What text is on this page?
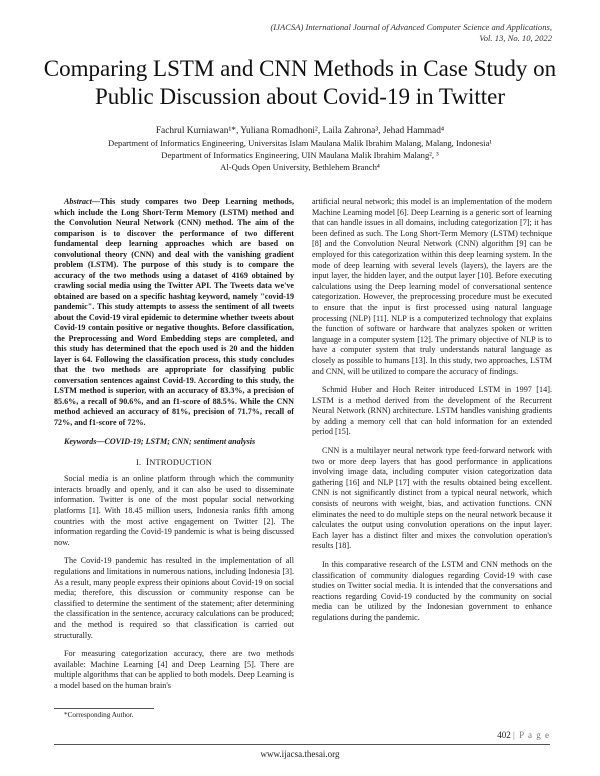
(IJACSA) International Journal of Advanced Computer Science and Applications,
Vol. 13, No. 10, 2022
Comparing LSTM and CNN Methods in Case Study on Public Discussion about Covid-19 in Twitter
Fachrul Kurniawan¹*, Yuliana Romadhoni², Laila Zahrona³, Jehad Hammad⁴
Department of Informatics Engineering, Universitas Islam Maulana Malik Ibrahim Malang, Malang, Indonesia¹
Department of Informatics Engineering, UIN Maulana Malik Ibrahim Malang², ³
Al-Quds Open University, Bethlehem Branch⁴

Abstract—This study compares two Deep Learning methods, which include the Long Short-Term Memory (LSTM) method and the Convolution Neural Network (CNN) method. The aim of the comparison is to discover the performance of two different fundamental deep learning approaches which are based on convolutional theory (CNN) and deal with the vanishing gradient problem (LSTM). The purpose of this study is to compare the accuracy of the two methods using a dataset of 4169 obtained by crawling social media using the Twitter API. The Tweets data we've obtained are based on a specific hashtag keyword, namely "covid-19 pandemic". This study attempts to assess the sentiment of all tweets about the Covid-19 viral epidemic to determine whether tweets about Covid-19 contain positive or negative thoughts. Before classification, the Preprocessing and Word Embedding steps are completed, and this study has determined that the epoch used is 20 and the hidden layer is 64. Following the classification process, this study concludes that the two methods are appropriate for classifying public conversation sentences against Covid-19. According to this study, the LSTM method is superior, with an accuracy of 83.3%, a precision of 85.6%, a recall of 90.6%, and an f1-score of 88.5%. While the CNN method achieved an accuracy of 81%, precision of 71.7%, recall of 72%, and f1-score of 72%.

Keywords—COVID-19; LSTM; CNN; sentiment analysis

I. INTRODUCTION

Social media is an online platform through which the community interacts broadly and openly, and it can also be used to disseminate information. Twitter is one of the most popular social networking platforms [1]. With 18.45 million users, Indonesia ranks fifth among countries with the most active engagement on Twitter [2]. The information regarding the Covid-19 pandemic is what is being discussed now.

The Covid-19 pandemic has resulted in the implementation of all regulations and limitations in numerous nations, including Indonesia [3]. As a result, many people express their opinions about Covid-19 on social media; therefore, this discussion or community response can be classified to determine the sentiment of the statement; after determining the classification in the sentence, accuracy calculations can be produced; and the method is required so that classification is carried out structurally.

For measuring categorization accuracy, there are two methods available: Machine Learning [4] and Deep Learning [5]. There are multiple algorithms that can be applied to both models. Deep Learning is a model based on the human brain's

artificial neural network; this model is an implementation of the modern Machine Learning model [6]. Deep Learning is a generic sort of learning that can handle issues in all domains, including categorization [7]; it has been defined as such. The Long Short-Term Memory (LSTM) technique [8] and the Convolution Neural Network (CNN) algorithm [9] can be employed for this categorization within this deep learning system. In the mode of deep learning with several levels (layers), the layers are the input layer, the hidden layer, and the output layer [10]. Before executing calculations using the Deep learning model of conversational sentence categorization. However, the preprocessing procedure must be executed to ensure that the input is first processed using natural language processing (NLP) [11]. NLP is a computerized technology that explains the function of software or hardware that analyzes spoken or written language in a computer system [12]. The primary objective of NLP is to have a computer system that truly understands natural language as closely as possible to humans [13]. In this study, two approaches, LSTM and CNN, will be utilized to compare the accuracy of findings.

Schmid Huber and Hoch Reiter introduced LSTM in 1997 [14]. LSTM is a method derived from the development of the Recurrent Neural Network (RNN) architecture. LSTM handles vanishing gradients by adding a memory cell that can hold information for an extended period [15].

CNN is a multilayer neural network type feed-forward network with two or more deep layers that has good performance in applications involving image data, including computer vision categorization data gathering [16] and NLP [17] with the results obtained being excellent. CNN is not significantly distinct from a typical neural network, which consists of neurons with weight, bias, and activation functions. CNN eliminates the need to do multiple steps on the neural network because it calculates the output using convolution operations on the input layer. Each layer has a distinct filter and mixes the convolution operation's results [18].

In this comparative research of the LSTM and CNN methods on the classification of community dialogues regarding Covid-19 with case studies on Twitter social media. It is intended that the conversations and reactions regarding Covid-19 conducted by the community on social media can be utilized by the Indonesian government to enhance regulations during the pandemic.

*Corresponding Author.
402 | P a g e
www.ijacsa.thesai.org
